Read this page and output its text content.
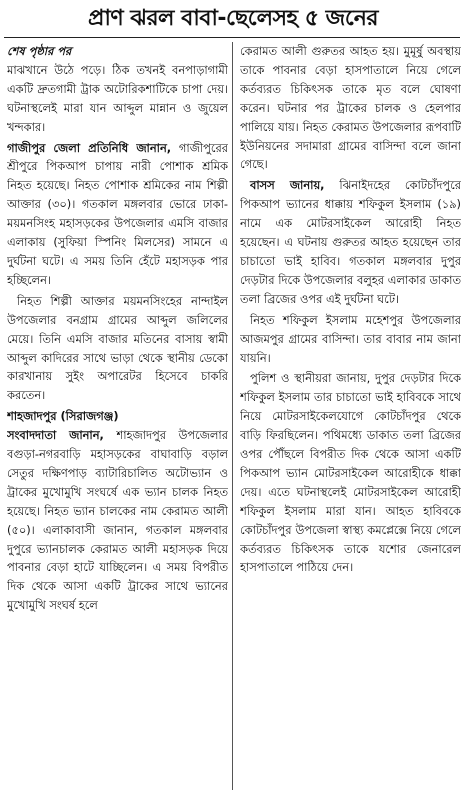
প্রাণ ঝরল বাবা-ছেলেসহ ৫ জনের
শেষ পৃষ্ঠার পর

মাঝখানে উঠে পড়ে। ঠিক তখনই বনপাড়াগামী একটি দ্রুতগামী ট্রাক অটোরিকশাটিকে চাপা দেয়। ঘটনাস্থলেই মারা যান আব্দুল মান্নান ও জুয়েল খন্দকার।

গাজীপুর জেলা প্রতিনিধি জানান, গাজীপুরের শ্রীপুরে পিকআপ চাপায় নারী পোশাক শ্রমিক নিহত হয়েছে। নিহত পোশাক শ্রমিকের নাম শিল্পী আক্তার (৩০)। গতকাল মঙ্গলবার ভোরে ঢাকা-ময়মনসিংহ মহাসড়কের উপজেলার এমসি বাজার এলাকায় (সুফিয়া স্পিনিং মিলসের) সামনে এ দুর্ঘটনা ঘটে। এ সময় তিনি হেঁটে মহাসড়ক পার হচ্ছিলেন।

নিহত শিল্পী আক্তার ময়মনসিংহের নান্দাইল উপজেলার বনগ্রাম গ্রামের আব্দুল জলিলের মেয়ে। তিনি এমসি বাজার মতিনের বাসায় স্বামী আব্দুল কাদিরের সাথে ভাড়া থেকে স্থানীয় ডেকো কারখানায় সুইং অপারেটর হিসেবে চাকরি করতেন।

শাহজাদপুর (সিরাজগঞ্জ)
সংবাদদাতা জানান, শাহজাদপুর উপজেলার বগুড়া-নগরবাড়ি মহাসড়কের বাঘাবাড়ি বড়াল সেতুর দক্ষিণপাড় ব্যাটারিচালিত অটোভ্যান ও ট্রাকের মুখোমুখি সংঘর্ষে এক ভ্যান চালক নিহত হয়েছে। নিহত ভ্যান চালকের নাম কেরামত আলী (৫০)। এলাকাবাসী জানান, গতকাল মঙ্গলবার দুপুরে ভ্যানচালক কেরামত আলী মহাসড়ক দিয়ে পাবনার বেড়া হাটে যাচ্ছিলেন। এ সময় বিপরীত দিক থেকে আসা একটি ট্রাকের সাথে ভ্যানের মুখোমুখি সংঘর্ষ হলে

কেরামত আলী গুরুতর আহত হয়। মুমূর্ষু অবস্থায় তাকে পাবনার বেড়া হাসপাতালে নিয়ে গেলে কর্তব্যরত চিকিৎসক তাকে মৃত বলে ঘোষণা করেন। ঘটনার পর ট্রাকের চালক ও হেলপার পালিয়ে যায়। নিহত কেরামত উপজেলার রূপবাটি ইউনিয়নের সদামারা গ্রামের বাসিন্দা বলে জানা গেছে।

বাসস জানায়, ঝিনাইদহের কোটচাঁদপুরে পিকআপ ভ্যানের ধাক্কায় শফিকুল ইসলাম (১৯) নামে এক মোটরসাইকেল আরোহী নিহত হয়েছেন। এ ঘটনায় গুরুতর আহত হয়েছেন তার চাচাতো ভাই হাবিব। গতকাল মঙ্গলবার দুপুর দেড়টার দিকে উপজেলার বলুহর এলাকার ডাকাত তলা ব্রিজের ওপর এই দুর্ঘটনা ঘটে।

নিহত শফিকুল ইসলাম মহেশপুর উপজেলার আজমপুর গ্রামের বাসিন্দা। তার বাবার নাম জানা যায়নি।

পুলিশ ও স্থানীয়রা জানায়, দুপুর দেড়টার দিকে শফিকুল ইসলাম তার চাচাতো ভাই হাবিবকে সাথে নিয়ে মোটরসাইকেলযোগে কোটচাঁদপুর থেকে বাড়ি ফিরছিলেন। পথিমধ্যে ডাকাত তলা ব্রিজের ওপর পৌঁছলে বিপরীত দিক থেকে আসা একটি পিকআপ ভ্যান মোটরসাইকেল আরোহীকে ধাক্কা দেয়। এতে ঘটনাস্থলেই মোটরসাইকেল আরোহী শফিকুল ইসলাম মারা যান। আহত হাবিবকে কোটচাঁদপুর উপজেলা স্বাস্থ্য কমপ্লেক্সে নিয়ে গেলে কর্তব্যরত চিকিৎসক তাকে যশোর জেনারেল হাসপাতালে পাঠিয়ে দেন।
